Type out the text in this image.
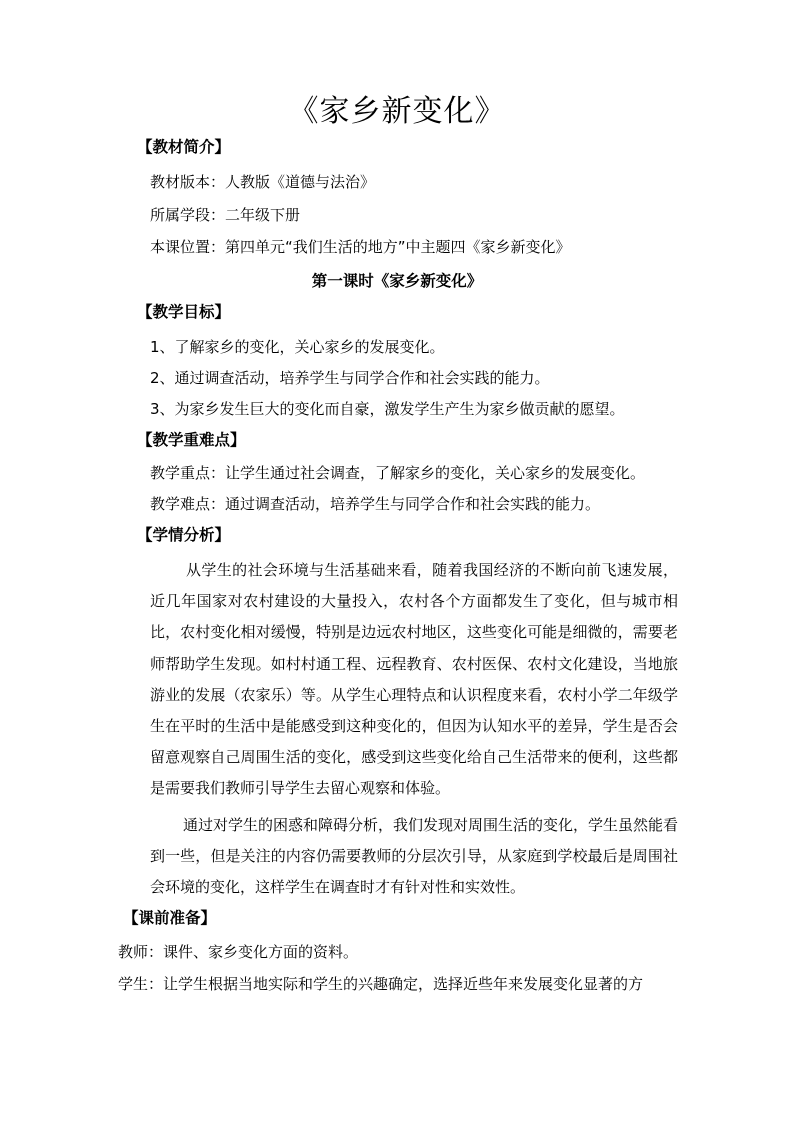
《家乡新变化》
【教材简介】
教材版本：人教版《道德与法治》
所属学段：二年级下册
本课位置：第四单元“我们生活的地方”中主题四《家乡新变化》
第一课时《家乡新变化》
【教学目标】
1、了解家乡的变化，关心家乡的发展变化。
2、通过调查活动，培养学生与同学合作和社会实践的能力。
3、为家乡发生巨大的变化而自豪，激发学生产生为家乡做贡献的愿望。
【教学重难点】
教学重点：让学生通过社会调查，了解家乡的变化，关心家乡的发展变化。
教学难点：通过调查活动，培养学生与同学合作和社会实践的能力。
【学情分析】
从学生的社会环境与生活基础来看，随着我国经济的不断向前飞速发展，近几年国家对农村建设的大量投入，农村各个方面都发生了变化，但与城市相比，农村变化相对缓慢，特别是边远农村地区，这些变化可能是细微的，需要老师帮助学生发现。如村村通工程、远程教育、农村医保、农村文化建设，当地旅游业的发展（农家乐）等。从学生心理特点和认识程度来看，农村小学二年级学生在平时的生活中是能感受到这种变化的，但因为认知水平的差异，学生是否会留意观察自己周围生活的变化，感受到这些变化给自己生活带来的便利，这些都是需要我们教师引导学生去留心观察和体验。
通过对学生的困惑和障碍分析，我们发现对周围生活的变化，学生虽然能看到一些，但是关注的内容仍需要教师的分层次引导，从家庭到学校最后是周围社会环境的变化，这样学生在调查时才有针对性和实效性。
【课前准备】
教师：课件、家乡变化方面的资料。
学生：让学生根据当地实际和学生的兴趣确定，选择近些年来发展变化显著的方
